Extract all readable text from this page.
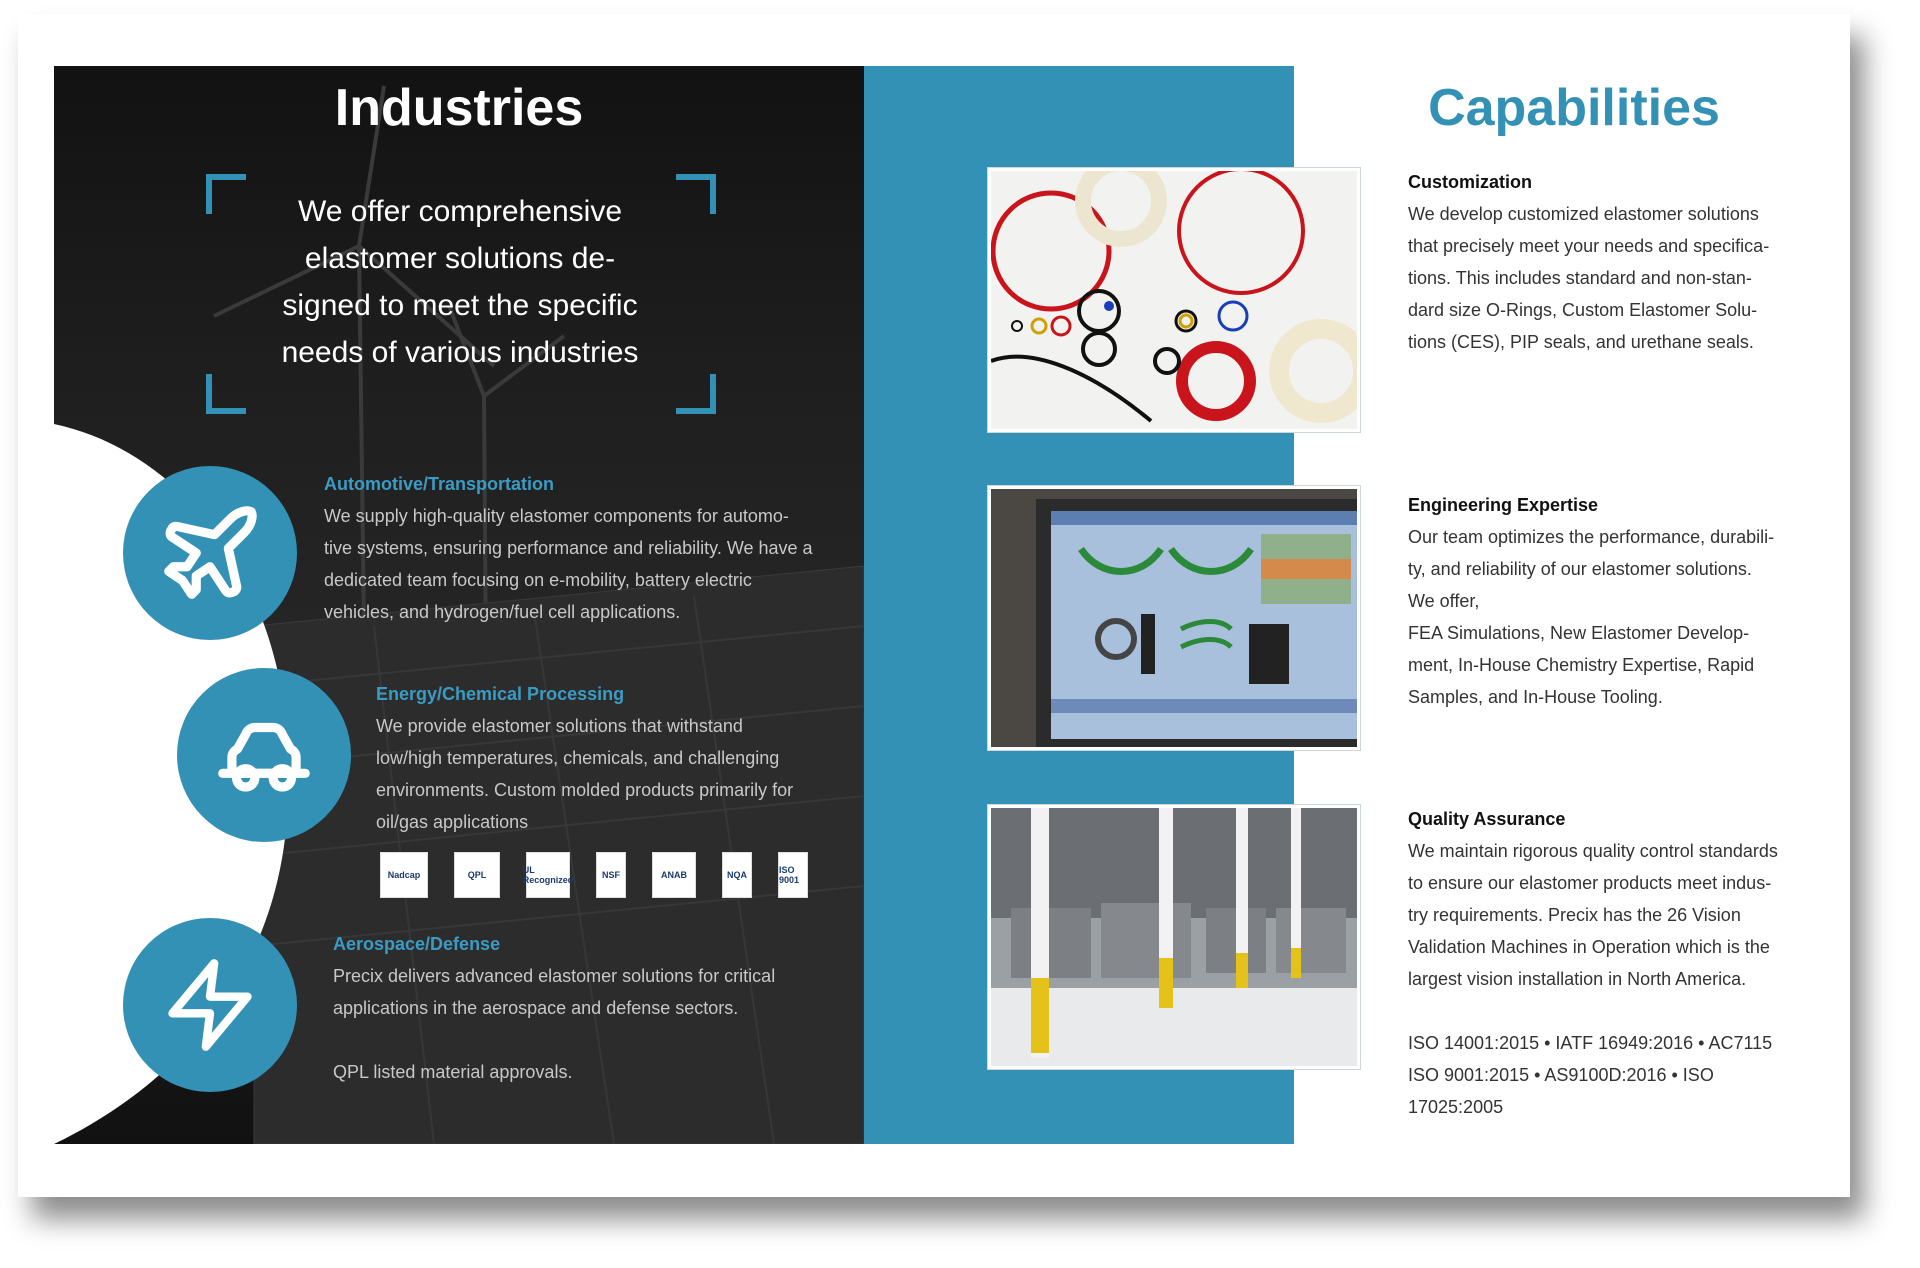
Industries

We offer comprehensive
elastomer solutions de-
signed to meet the specific
needs of various industries

Automotive/Transportation

We supply high-quality elastomer components for automo-
tive systems, ensuring performance and reliability. We have a
dedicated team focusing on e-mobility, battery electric
vehicles, and hydrogen/fuel cell applications.

Energy/Chemical Processing

We provide elastomer solutions that withstand
low/high temperatures, chemicals, and challenging
environments. Custom molded products primarily for
oil/gas applications

Nadcap	QPL	UL Recognized	NSF	ANAB	NQA	ISO 9001
Aerospace/Defense

Precix delivers advanced elastomer solutions for critical
applications in the aerospace and defense sectors.

QPL listed material approvals.

Capabilities
Customization

We develop customized elastomer solutions
that precisely meet your needs and specifica-
tions. This includes standard and non-stan-
dard size O-Rings, Custom Elastomer Solu-
tions (CES), PIP seals, and urethane seals.

Engineering Expertise

Our team optimizes the performance, durabili-
ty, and reliability of our elastomer solutions.
We offer,
FEA Simulations, New Elastomer Develop-
ment, In-House Chemistry Expertise, Rapid
Samples, and In-House Tooling.

Quality Assurance

We maintain rigorous quality control standards
to ensure our elastomer products meet indus-
try requirements. Precix has the 26 Vision
Validation Machines in Operation which is the
largest vision installation in North America.

ISO 14001:2015 • IATF 16949:2016 • AC7115
ISO 9001:2015 • AS9100D:2016 • ISO
17025:2005
